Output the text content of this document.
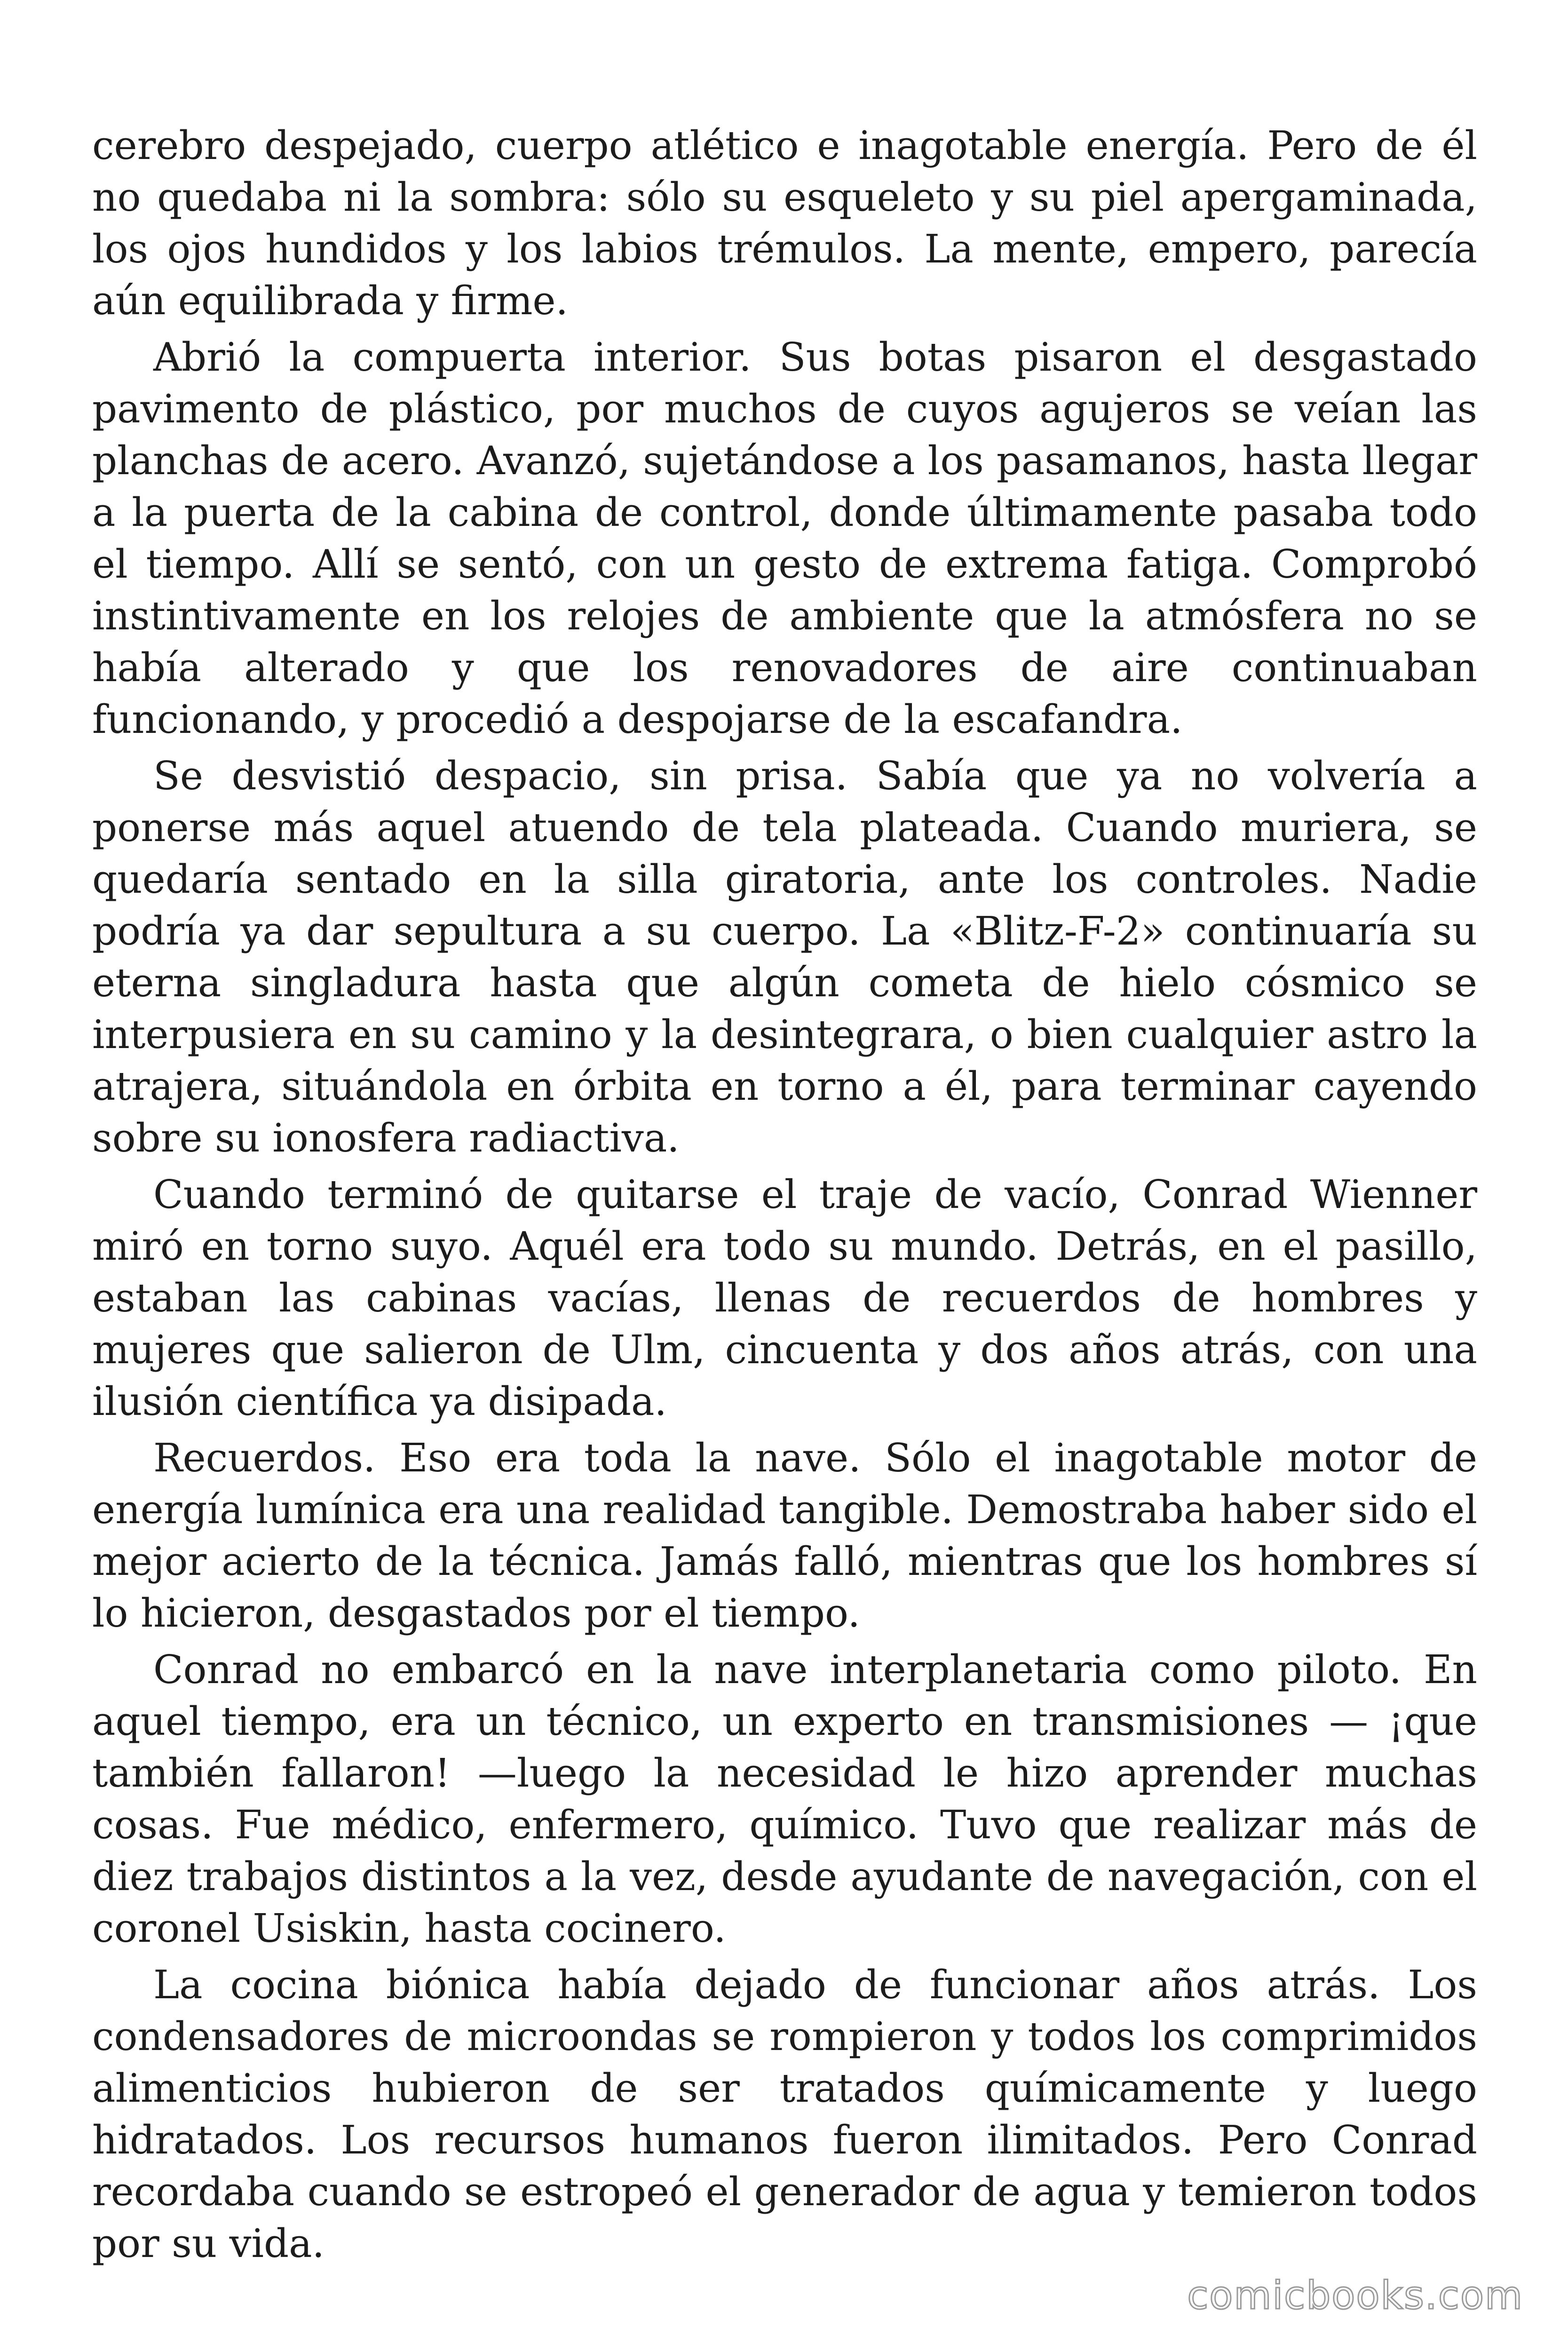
cerebro despejado, cuerpo atlético e inagotable energía. Pero de él no quedaba ni la sombra: sólo su esqueleto y su piel apergaminada, los ojos hundidos y los labios trémulos. La mente, empero, parecía aún equilibrada y firme.

Abrió la compuerta interior. Sus botas pisaron el desgastado pavimento de plástico, por muchos de cuyos agujeros se veían las planchas de acero. Avanzó, sujetándose a los pasamanos, hasta llegar a la puerta de la cabina de control, donde últimamente pasaba todo el tiempo. Allí se sentó, con un gesto de extrema fatiga. Comprobó instintivamente en los relojes de ambiente que la atmósfera no se había alterado y que los renovadores de aire continuaban funcionando, y procedió a despojarse de la escafandra.

Se desvistió despacio, sin prisa. Sabía que ya no volvería a ponerse más aquel atuendo de tela plateada. Cuando muriera, se quedaría sentado en la silla giratoria, ante los controles. Nadie podría ya dar sepultura a su cuerpo. La «Blitz-F-2» continuaría su eterna singladura hasta que algún cometa de hielo cósmico se interpusiera en su camino y la desintegrara, o bien cualquier astro la atrajera, situándola en órbita en torno a él, para terminar cayendo sobre su ionosfera radiactiva.

Cuando terminó de quitarse el traje de vacío, Conrad Wienner miró en torno suyo. Aquél era todo su mundo. Detrás, en el pasillo, estaban las cabinas vacías, llenas de recuerdos de hombres y mujeres que salieron de Ulm, cincuenta y dos años atrás, con una ilusión científica ya disipada.

Recuerdos. Eso era toda la nave. Sólo el inagotable motor de energía lumínica era una realidad tangible. Demostraba haber sido el mejor acierto de la técnica. Jamás falló, mientras que los hombres sí lo hicieron, desgastados por el tiempo.

Conrad no embarcó en la nave interplanetaria como piloto. En aquel tiempo, era un técnico, un experto en transmisiones — ¡que también fallaron! —luego la necesidad le hizo aprender muchas cosas. Fue médico, enfermero, químico. Tuvo que realizar más de diez trabajos distintos a la vez, desde ayudante de navegación, con el coronel Usiskin, hasta cocinero.

La cocina biónica había dejado de funcionar años atrás. Los condensadores de microondas se rompieron y todos los comprimidos alimenticios hubieron de ser tratados químicamente y luego hidratados. Los recursos humanos fueron ilimitados. Pero Conrad recordaba cuando se estropeó el generador de agua y temieron todos por su vida.

comicbooks.com
